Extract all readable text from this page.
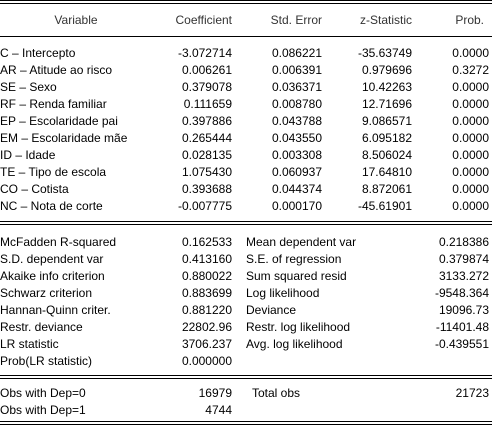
Variable	Coefficient	Std. Error	z-Statistic	Prob.
C – Intercepto	-3.072714	0.086221	-35.63749	0.0000
AR – Atitude ao risco	0.006261	0.006391	0.979696	0.3272
SE – Sexo	0.379078	0.036371	10.42263	0.0000
RF – Renda familiar	0.111659	0.008780	12.71696	0.0000
EP – Escolaridade pai	0.397886	0.043788	9.086571	0.0000
EM – Escolaridade mãe	0.265444	0.043550	6.095182	0.0000
ID – Idade	0.028135	0.003308	8.506024	0.0000
TE – Tipo de escola	1.075430	0.060937	17.64810	0.0000
CO – Cotista	0.393688	0.044374	8.872061	0.0000
NC – Nota de corte	-0.007775	0.000170	-45.61901	0.0000
McFadden R-squared	0.162533 Mean dependent var	0.218386
S.D. dependent var	0.413160 S.E. of regression	0.379874
Akaike info criterion	0.880022 Sum squared resid	3133.272
Schwarz criterion	0.883699 Log likelihood	-9548.364
Hannan-Quinn criter.	0.881220 Deviance	19096.73
Restr. deviance	22802.96 Restr. log likelihood	-11401.48
LR statistic	3706.237 Avg. log likelihood	-0.439551
Prob(LR statistic)	0.000000
Obs with Dep=0	16979 Total obs	21723
Obs with Dep=1	4744
